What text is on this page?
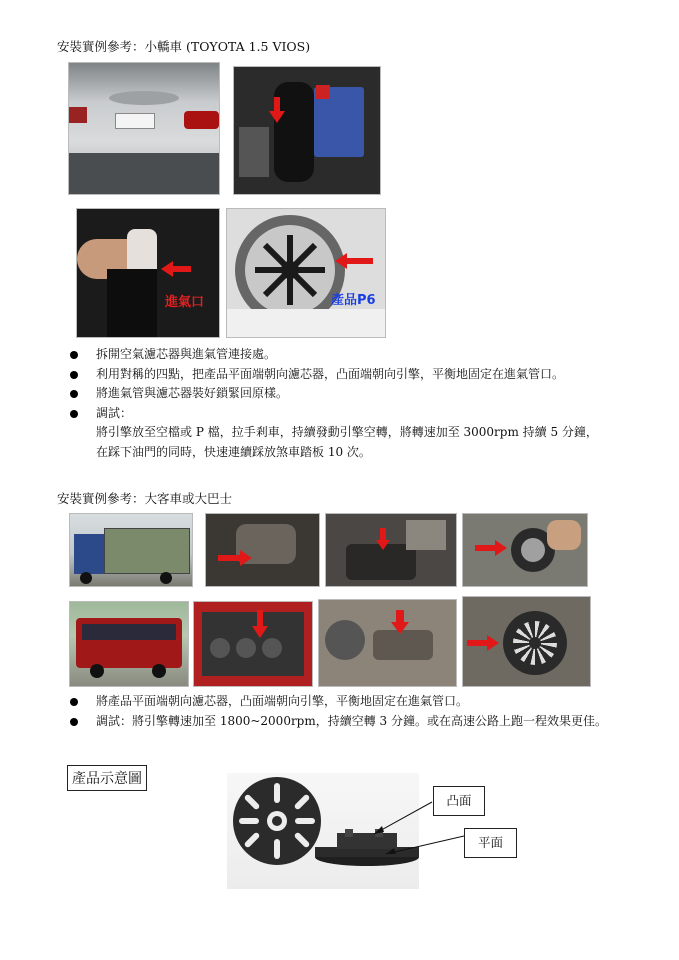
安裝實例參考：小轎車 (TOYOTA 1.5 VIOS)
進氣口	產品P6
拆開空氣濾芯器與進氣管連接處。
利用對稱的四點，把產品平面端朝向濾芯器，凸面端朝向引擎，平衡地固定在進氣管口。
將進氣管與濾芯器裝好鎖緊回原樣。
調試：
將引擎放至空檔或 P 檔，拉手剎車，持續發動引擎空轉，將轉速加至 3000rpm 持續 5 分鐘，
在踩下油門的同時，快速連續踩放煞車踏板 10 次。
安裝實例參考：大客車或大巴士
將產品平面端朝向濾芯器，凸面端朝向引擎，平衡地固定在進氣管口。
調試：將引擎轉速加至 1800~2000rpm，持續空轉 3 分鐘。或在高速公路上跑一程效果更佳。
產品示意圖
凸面
平面
